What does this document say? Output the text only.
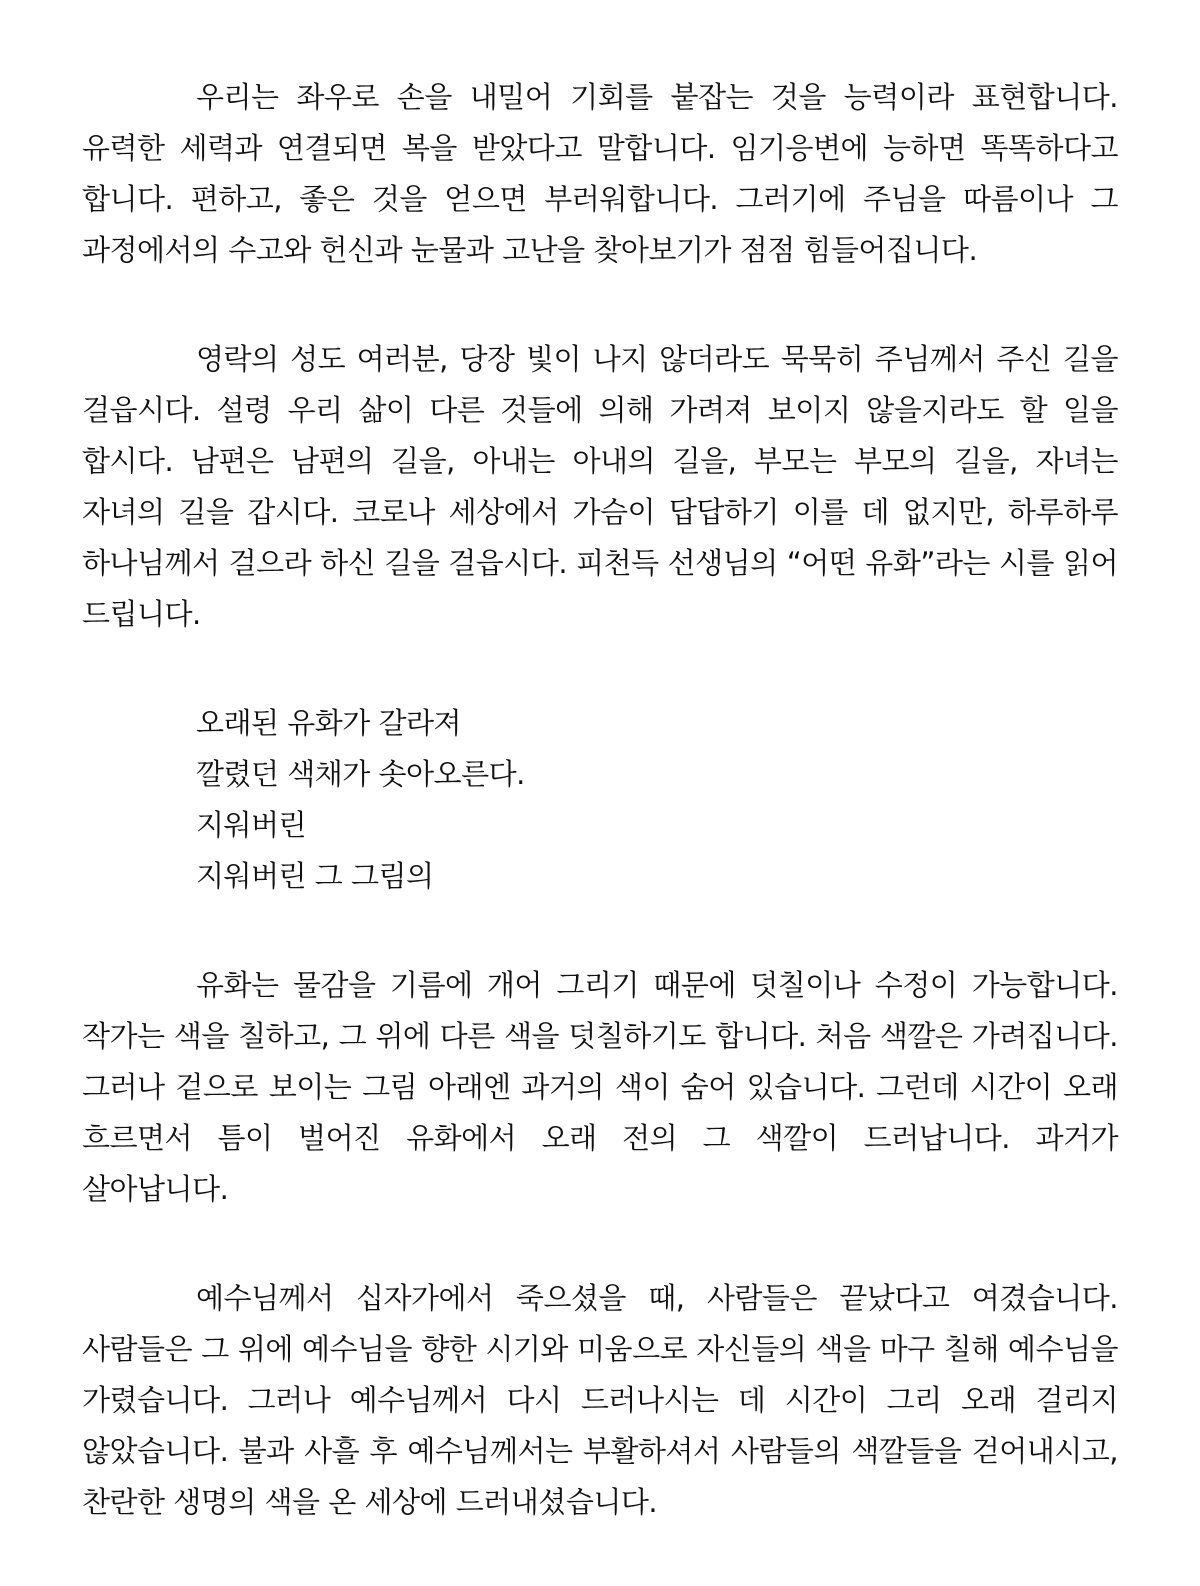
우리는 좌우로 손을 내밀어 기회를 붙잡는 것을 능력이라 표현합니다. 유력한 세력과 연결되면 복을 받았다고 말합니다. 임기응변에 능하면 똑똑하다고 합니다. 편하고, 좋은 것을 얻으면 부러워합니다. 그러기에 주님을 따름이나 그 과정에서의 수고와 헌신과 눈물과 고난을 찾아보기가 점점 힘들어집니다.

영락의 성도 여러분, 당장 빛이 나지 않더라도 묵묵히 주님께서 주신 길을 걸읍시다. 설령 우리 삶이 다른 것들에 의해 가려져 보이지 않을지라도 할 일을 합시다. 남편은 남편의 길을, 아내는 아내의 길을, 부모는 부모의 길을, 자녀는 자녀의 길을 갑시다. 코로나 세상에서 가슴이 답답하기 이를 데 없지만, 하루하루 하나님께서 걸으라 하신 길을 걸읍시다. 피천득 선생님의 “어떤 유화”라는 시를 읽어 드립니다.

오래된 유화가 갈라져
깔렸던 색채가 솟아오른다.
지워버린
지워버린 그 그림의

유화는 물감을 기름에 개어 그리기 때문에 덧칠이나 수정이 가능합니다. 작가는 색을 칠하고, 그 위에 다른 색을 덧칠하기도 합니다. 처음 색깔은 가려집니다. 그러나 겉으로 보이는 그림 아래엔 과거의 색이 숨어 있습니다. 그런데 시간이 오래 흐르면서 틈이 벌어진 유화에서 오래 전의 그 색깔이 드러납니다. 과거가 살아납니다.

예수님께서 십자가에서 죽으셨을 때, 사람들은 끝났다고 여겼습니다. 사람들은 그 위에 예수님을 향한 시기와 미움으로 자신들의 색을 마구 칠해 예수님을 가렸습니다. 그러나 예수님께서 다시 드러나시는 데 시간이 그리 오래 걸리지 않았습니다. 불과 사흘 후 예수님께서는 부활하셔서 사람들의 색깔들을 걷어내시고, 찬란한 생명의 색을 온 세상에 드러내셨습니다.
